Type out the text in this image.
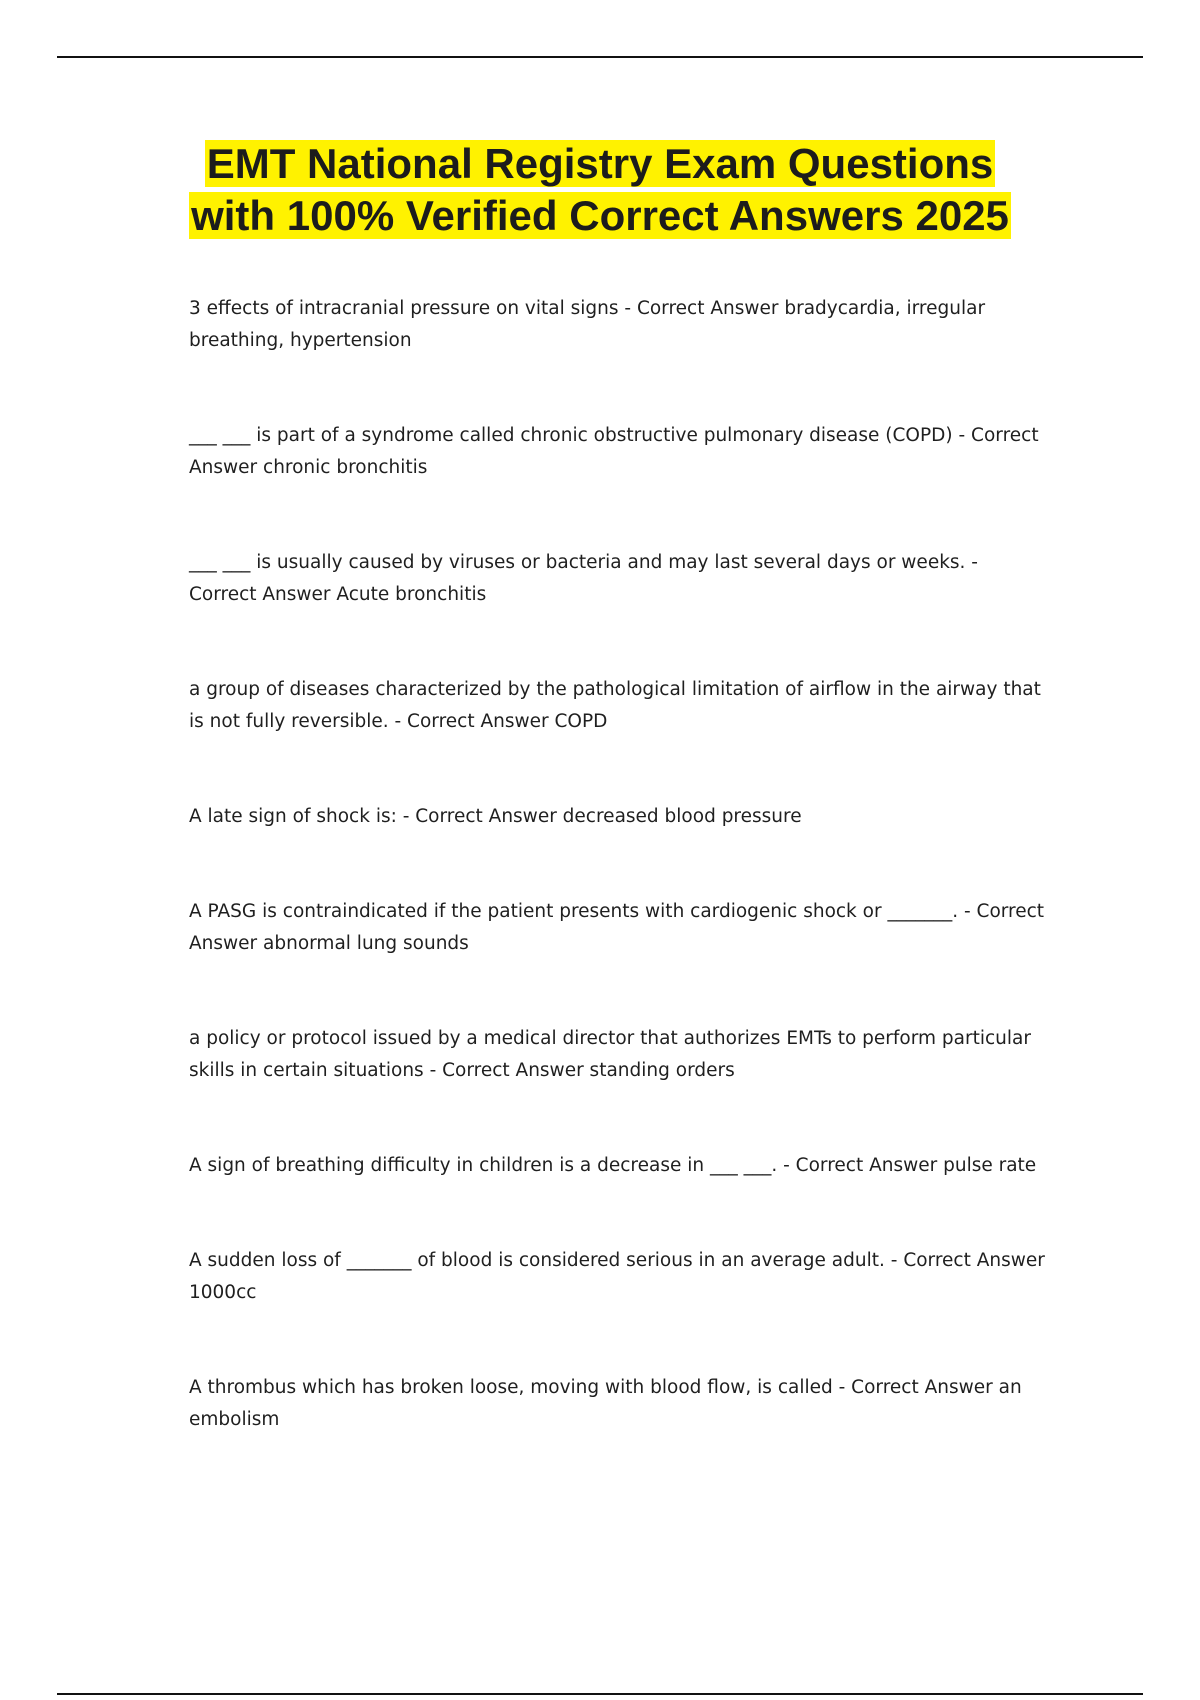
EMT National Registry Exam Questions with 100% Verified Correct Answers 2025
3 effects of intracranial pressure on vital signs - Correct Answer bradycardia, irregular breathing, hypertension
___ ___ is part of a syndrome called chronic obstructive pulmonary disease (COPD) - Correct Answer chronic bronchitis
___ ___ is usually caused by viruses or bacteria and may last several days or weeks. - Correct Answer Acute bronchitis
a group of diseases characterized by the pathological limitation of airflow in the airway that is not fully reversible. - Correct Answer COPD
A late sign of shock is: - Correct Answer decreased blood pressure
A PASG is contraindicated if the patient presents with cardiogenic shock or _______. - Correct Answer abnormal lung sounds
a policy or protocol issued by a medical director that authorizes EMTs to perform particular skills in certain situations - Correct Answer standing orders
A sign of breathing difficulty in children is a decrease in ___ ___. - Correct Answer pulse rate
A sudden loss of _______ of blood is considered serious in an average adult. - Correct Answer 1000cc
A thrombus which has broken loose, moving with blood flow, is called - Correct Answer an embolism
